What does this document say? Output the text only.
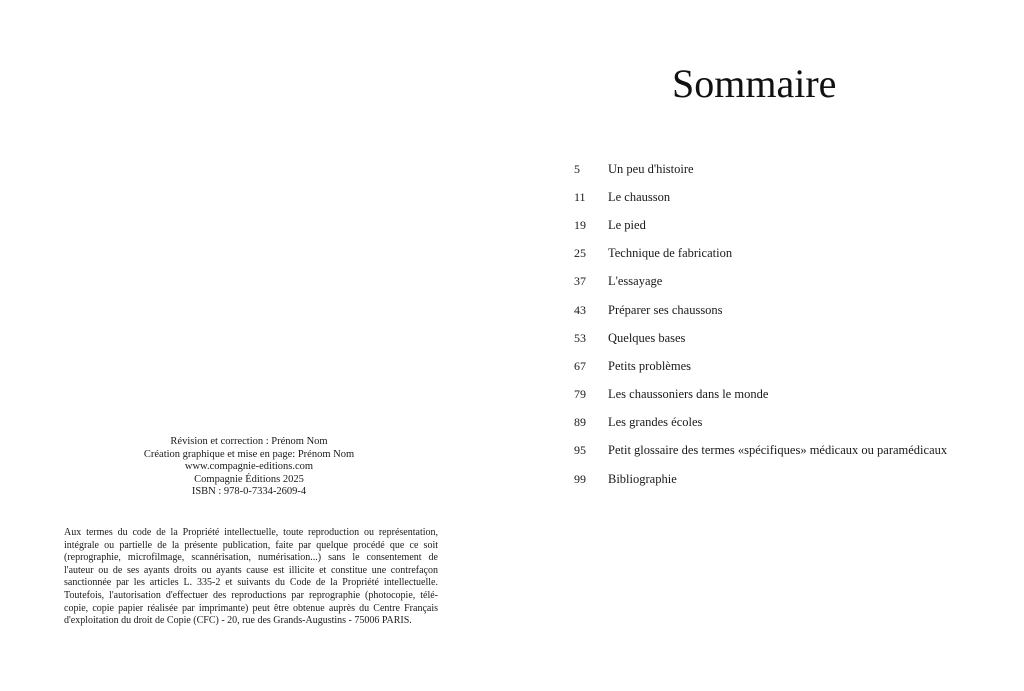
Révision et correction : Prénom Nom
Création graphique et mise en page: Prénom Nom
www.compagnie-editions.com
Compagnie Éditions 2025
ISBN : 978-0-7334-2609-4
Aux termes du code de la Propriété intellectuelle, toute reproduction ou représentation,
intégrale ou partielle de la présente publication, faite par quelque procédé que ce soit
(reprographie, microfilmage, scannérisation, numérisation...) sans le consentement de
l'auteur ou de ses ayants droits ou ayants cause est illicite et constitue une contrefaçon
sanctionnée par les articles L. 335-2 et suivants du Code de la Propriété intellectuelle.
Toutefois, l'autorisation d'effectuer des reproductions par reprographie (photocopie, télé-
copie, copie papier réalisée par imprimante) peut être obtenue auprès du Centre Français
d'exploitation du droit de Copie (CFC) - 20, rue des Grands-Augustins - 75006 PARIS.
Sommaire
5	Un peu d'histoire
11	Le chausson
19	Le pied
25	Technique de fabrication
37	L'essayage
43	Préparer ses chaussons
53	Quelques bases
67	Petits problèmes
79	Les chaussoniers dans le monde
89	Les grandes écoles
95	Petit glossaire des termes «spécifiques» médicaux ou paramédicaux
99	Bibliographie
